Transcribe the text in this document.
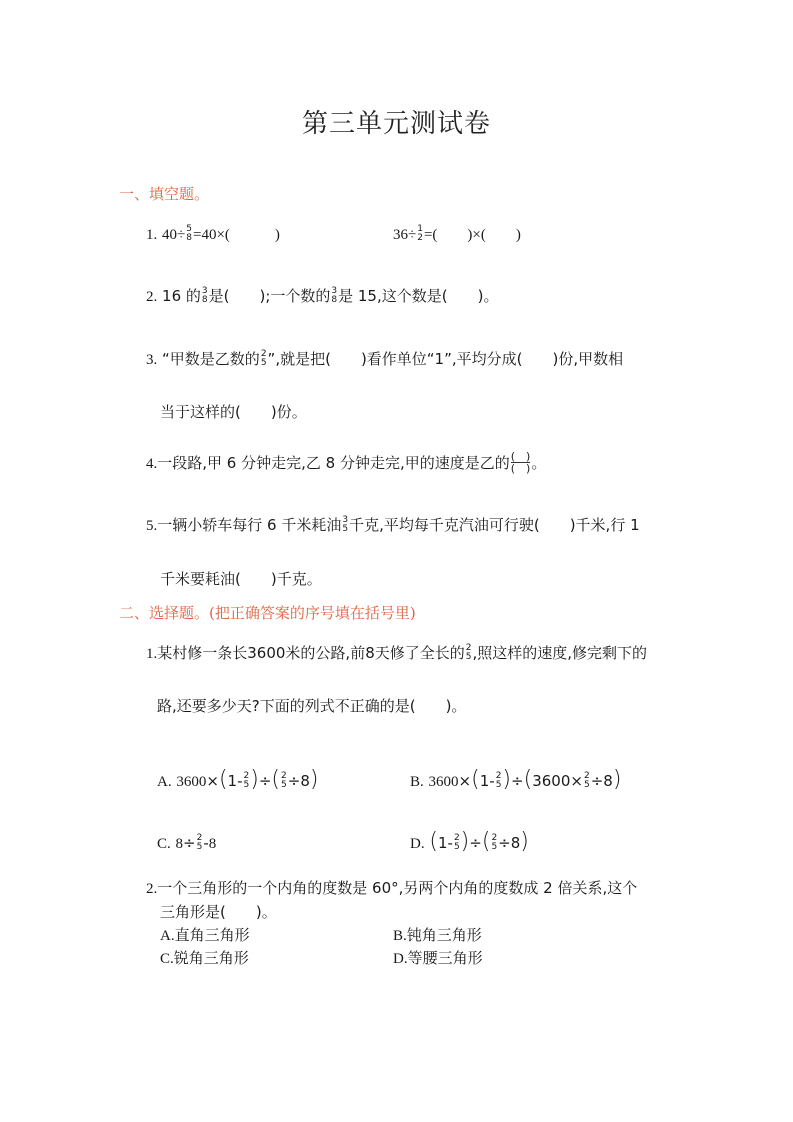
第三单元测试卷
一、填空题。
1. 40÷ 5
8 =40×(　　　)	36÷ 1
2 =(　　)×(　　)
2. 16 的 3
8 是(　　);一个数的 3
8 是 15,这个数是(　　)。
3. “甲数是乙数的 2
5 ”,就是把(　　)看作单位“1”,平均分成(　　)份,甲数相
当于这样的(　　)份。
4.一段路,甲 6 分钟走完,乙 8 分钟走完,甲的速度是乙的 $\frac{( )}{( )}$ 。
5.一辆小轿车每行 6 千米耗油 3
5 千克,平均每千克汽油可行驶(　　)千米,行 1
千米要耗油(　　)千克。
二、选择题。(把正确答案的序号填在括号里)
1.某村修一条长3600米的公路,前8天修了全长的 2
5 ,照这样的速度,修完剩下的
路,还要多少天?下面的列式不正确的是(　　)。
A. 3600×(1- 2
5 )÷( 2
5 ÷8)	B. 3600×(1- 2
5 )÷(3600× 2
5 ÷8)
C. 8÷ 2
5 -8	D. (1- 2
5 )÷( 2
5 ÷8)
2.一个三角形的一个内角的度数是 60°,另两个内角的度数成 2 倍关系,这个
三角形是(　　)。
A.直角三角形	B.钝角三角形
C.锐角三角形	D.等腰三角形
